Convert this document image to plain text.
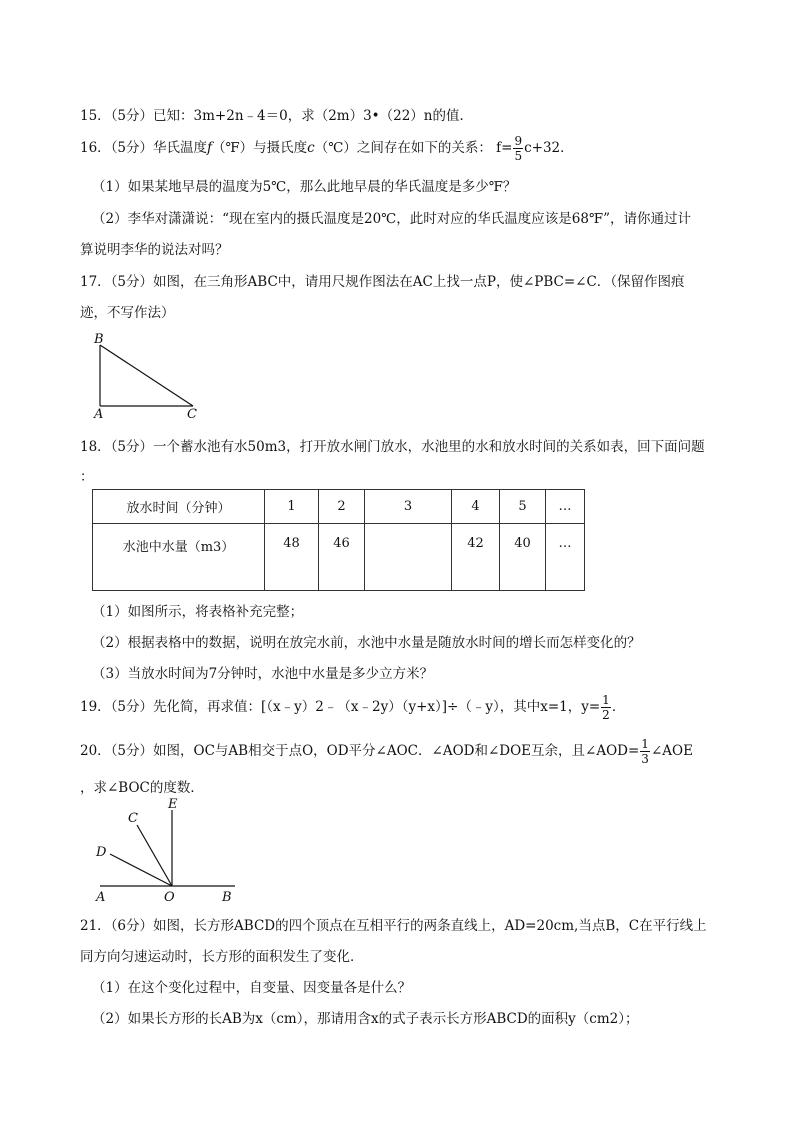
15．（5分）已知：3m+2n﹣4＝0，求（2m）3•（22）n的值．
16．（5分）华氏温度f（℉）与摄氏度c（℃）之间存在如下的关系： $f= \frac{9}{5} c+32$．
（1）如果某地早晨的温度为5℃，那么此地早晨的华氏温度是多少℉？
（2）李华对潇潇说：“现在室内的摄氏温度是20℃，此时对应的华氏温度应该是68℉”，请你通过计
算说明李华的说法对吗？
17．（5分）如图，在三角形ABC中，请用尺规作图法在AC上找一点P，使∠PBC=∠C．（保留作图痕
迹，不写作法）
B
A	C
18．（5分）一个蓄水池有水50m3，打开放水闸门放水，水池里的水和放水时间的关系如表，回下面问题
：
放水时间（分钟）	1	2	3	4	5	…
水池中水量（m3）	48	46		42	40	…
（1）如图所示，将表格补充完整；
（2）根据表格中的数据，说明在放完水前，水池中水量是随放水时间的增长而怎样变化的？
（3）当放水时间为7分钟时，水池中水量是多少立方米？
19．（5分）先化简，再求值：[（x﹣y）2﹣（x﹣2y）（y+x）]÷（﹣y），其中x=1，$y= \frac{1}{2}$ ．
20．（5分）如图，OC与AB相交于点O，OD平分∠AOC．∠AOD和∠DOE互余，且∠AOD= $\frac{1}{3}$ ∠AOE
，求∠BOC的度数．
C
E
D
A	O	B
21．（6分）如图，长方形ABCD的四个顶点在互相平行的两条直线上，AD=20cm,当点B，C在平行线上
同方向匀速运动时，长方形的面积发生了变化．
（1）在这个变化过程中，自变量、因变量各是什么？
（2）如果长方形的长AB为x（cm），那请用含x的式子表示长方形ABCD的面积y（cm2）；
